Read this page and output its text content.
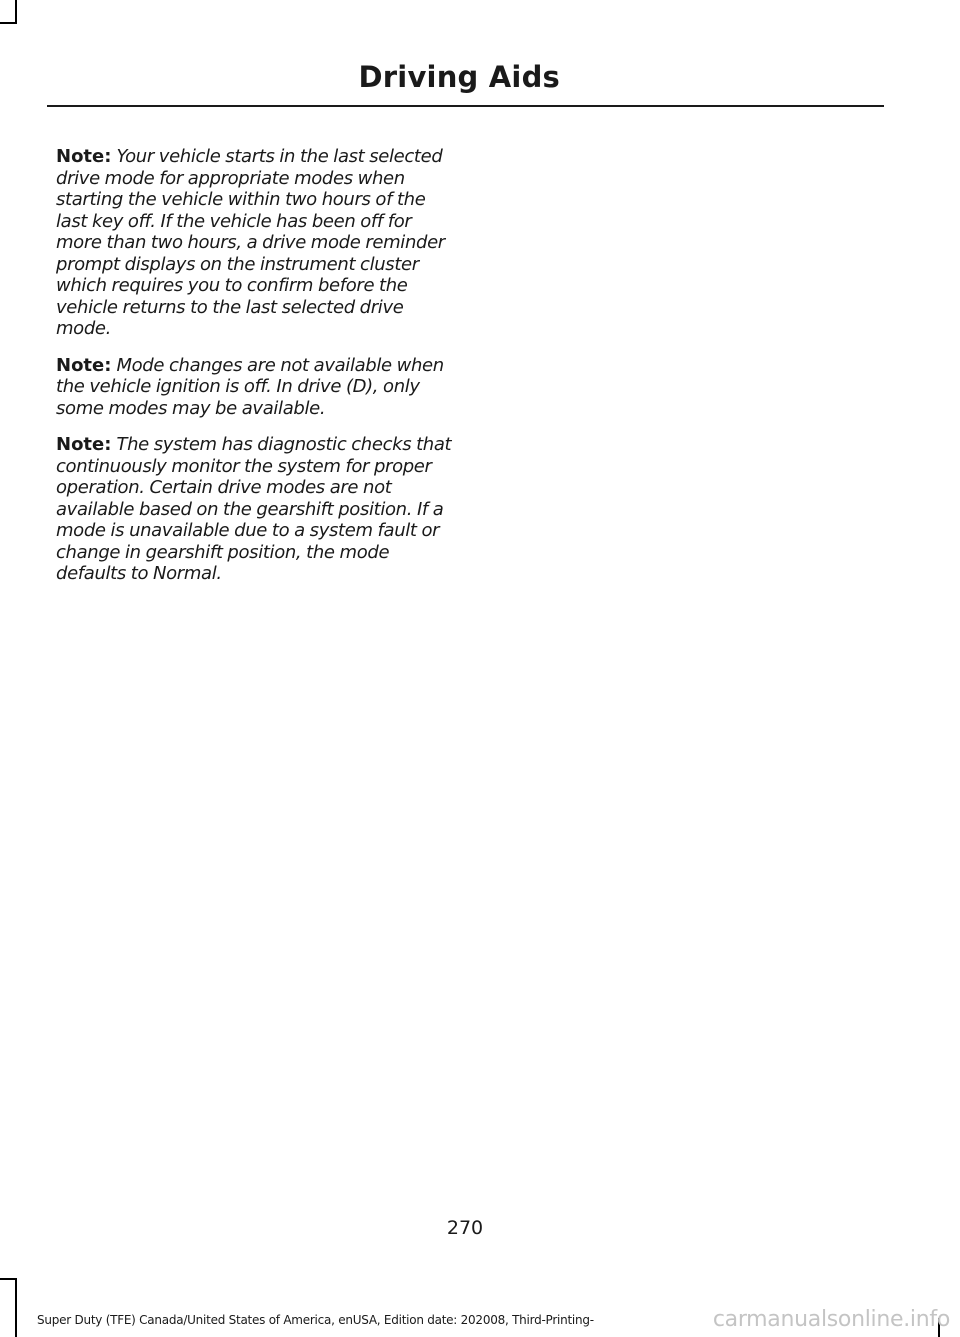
Driving Aids

Note: Your vehicle starts in the last selected drive mode for appropriate modes when starting the vehicle within two hours of the last key off. If the vehicle has been off for more than two hours, a drive mode reminder prompt displays on the instrument cluster which requires you to confirm before the vehicle returns to the last selected drive mode.

Note: Mode changes are not available when the vehicle ignition is off. In drive (D), only some modes may be available.

Note: The system has diagnostic checks that continuously monitor the system for proper operation. Certain drive modes are not available based on the gearshift position. If a mode is unavailable due to a system fault or change in gearshift position, the mode defaults to Normal.

270
Super Duty (TFE) Canada/United States of America, enUSA, Edition date: 202008, Third-Printing-	carmanualsonline.info
